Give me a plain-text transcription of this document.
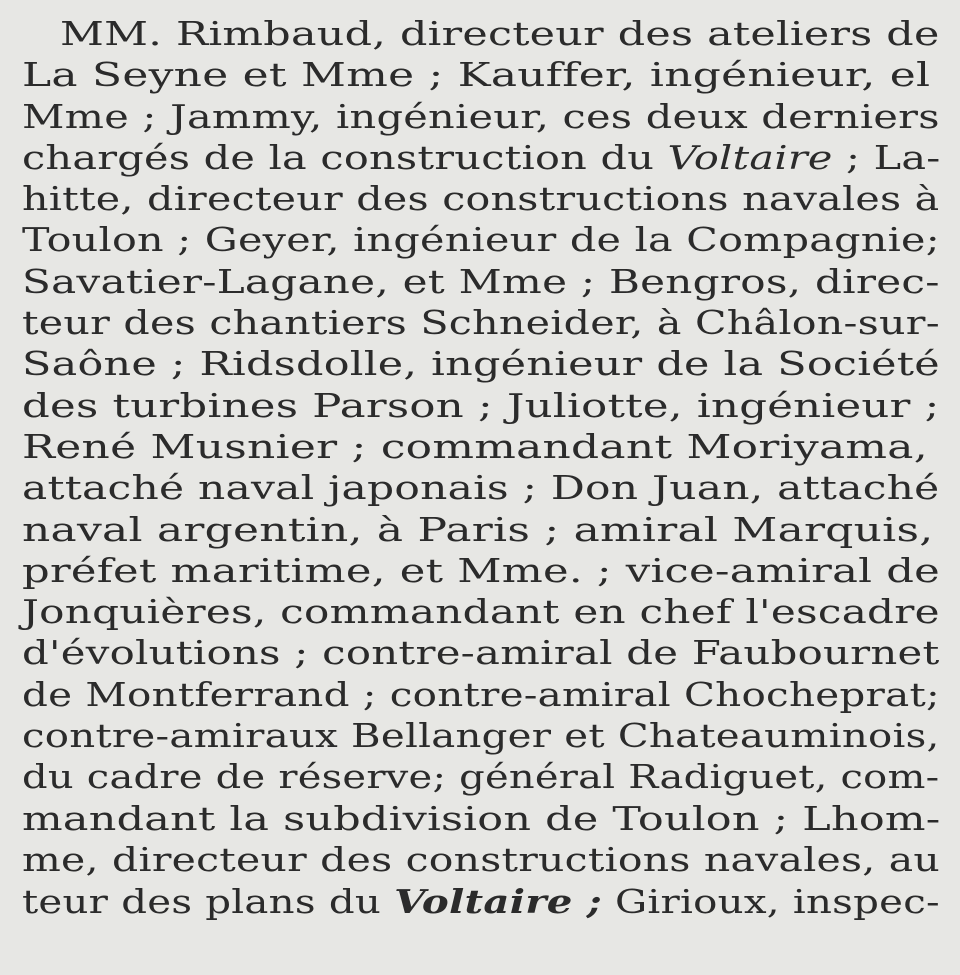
MM. Rimbaud, directeur des ateliers de
La Seyne et Mme ; Kauffer, ingénieur, el
Mme ; Jammy, ingénieur, ces deux derniers
chargés de la construction du Voltaire ; La-
hitte, directeur des constructions navales à
Toulon ; Geyer, ingénieur de la Compagnie;
Savatier-Lagane, et Mme ; Bengros, direc-
teur des chantiers Schneider, à Châlon-sur-
Saône ; Ridsdolle, ingénieur de la Société
des turbines Parson ; Juliotte, ingénieur ;
René Musnier ; commandant Moriyama,
attaché naval japonais ; Don Juan, attaché
naval argentin, à Paris ; amiral Marquis,
préfet maritime, et Mme. ; vice-amiral de
Jonquières, commandant en chef l'escadre
d'évolutions ; contre-amiral de Faubournet
de Montferrand ; contre-amiral Chocheprat;
contre-amiraux Bellanger et Chateauminois,
du cadre de réserve; général Radiguet, com-
mandant la subdivision de Toulon ; Lhom-
me, directeur des constructions navales, au
teur des plans du Voltaire ; Girioux, inspec-
